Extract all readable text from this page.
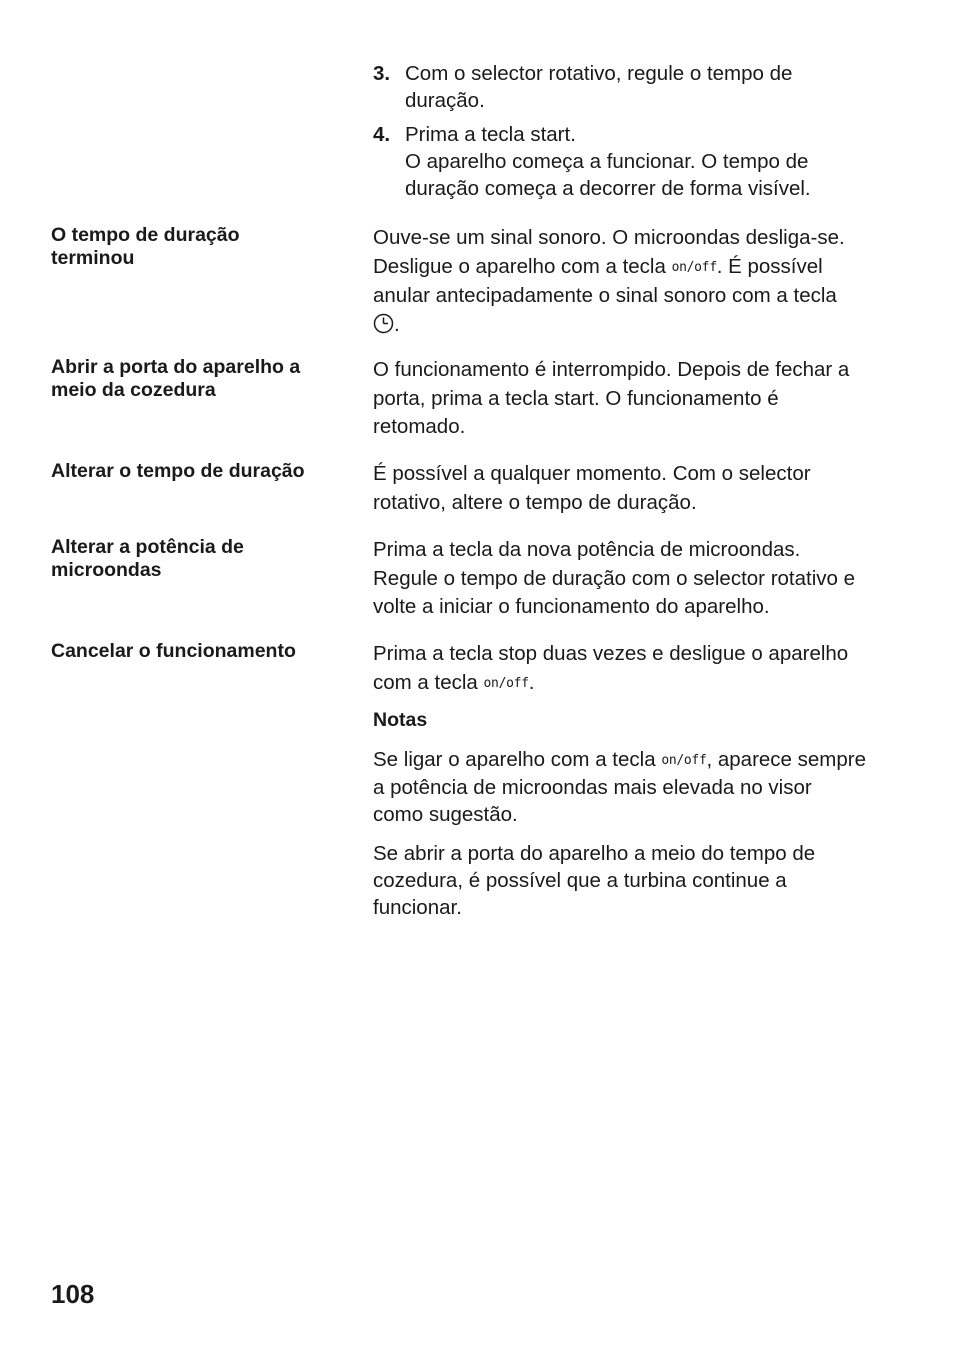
3. Com o selector rotativo, regule o tempo de
duração.
4. Prima a tecla start.
O aparelho começa a funcionar. O tempo de
duração começa a decorrer de forma visível.
O tempo de duração
terminou
Ouve-se um sinal sonoro. O microondas desliga-se.
Desligue o aparelho com a tecla on/off. É possível
anular antecipadamente o sinal sonoro com a tecla
.
Abrir a porta do aparelho a
meio da cozedura
O funcionamento é interrompido. Depois de fechar a
porta, prima a tecla start. O funcionamento é
retomado.
Alterar o tempo de duração	É possível a qualquer momento. Com o selector
rotativo, altere o tempo de duração.
Alterar a potência de
microondas
Prima a tecla da nova potência de microondas.
Regule o tempo de duração com o selector rotativo e
volte a iniciar o funcionamento do aparelho.
Cancelar o funcionamento	Prima a tecla stop duas vezes e desligue o aparelho
com a tecla on/off.
Notas
Se ligar o aparelho com a tecla on/off, aparece sempre
a potência de microondas mais elevada no visor
como sugestão.
Se abrir a porta do aparelho a meio do tempo de
cozedura, é possível que a turbina continue a
funcionar.
108
